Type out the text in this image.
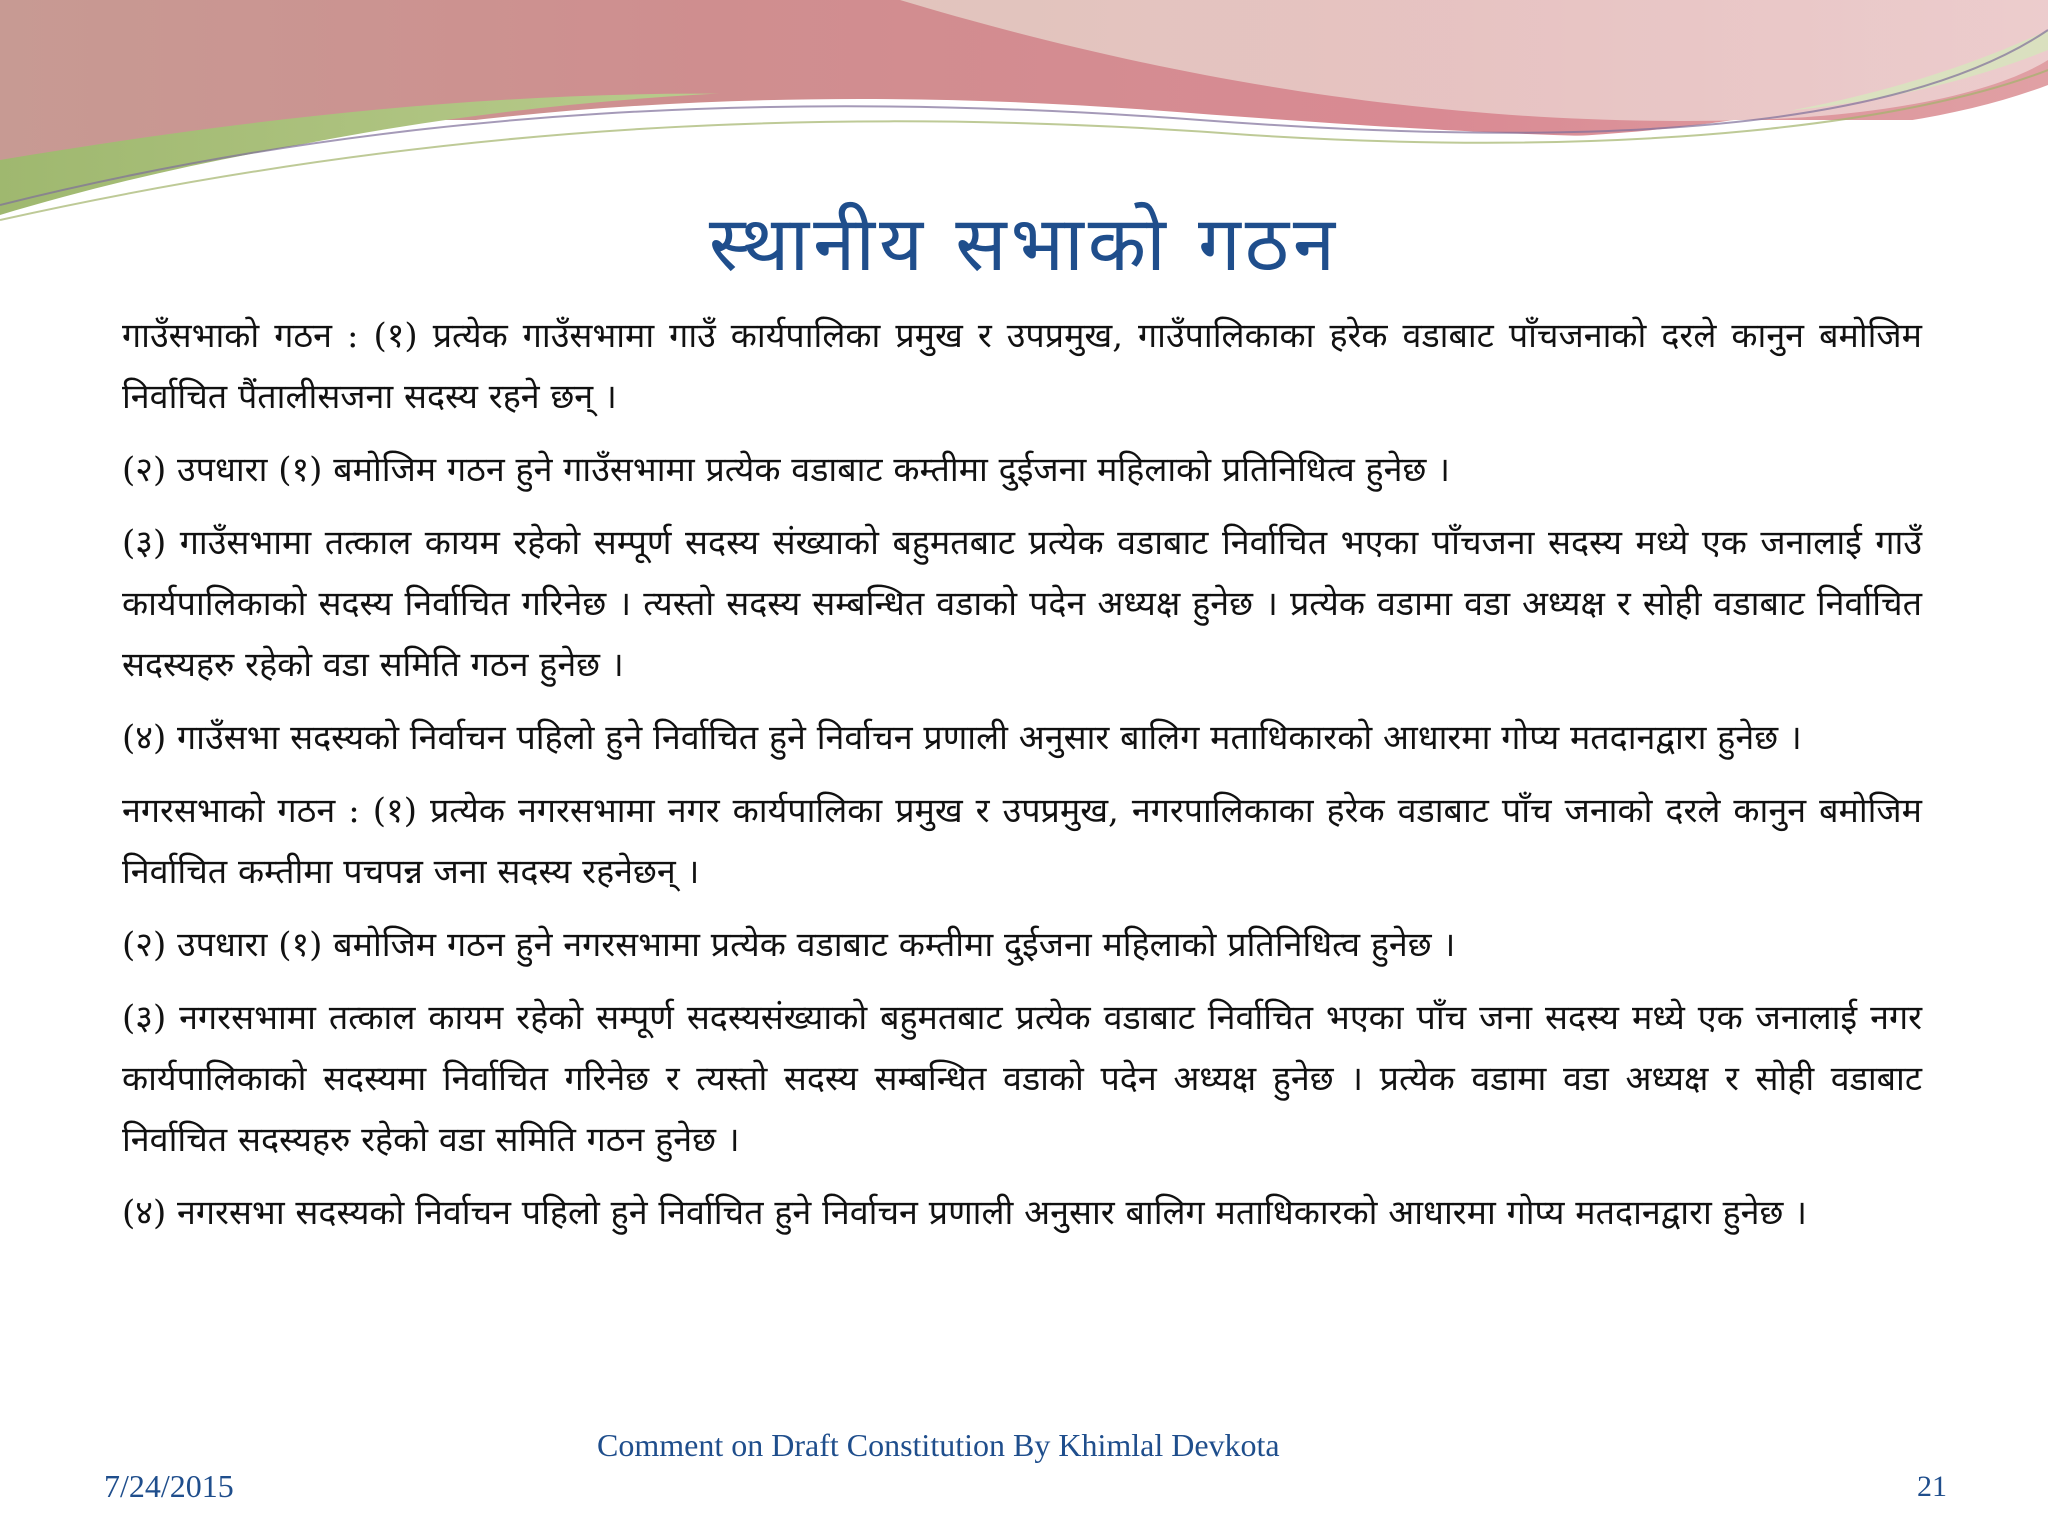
स्थानीय सभाको गठन

गाउँसभाको गठन : (१) प्रत्येक गाउँसभामा गाउँ कार्यपालिका प्रमुख र उपप्रमुख, गाउँपालिकाका हरेक वडाबाट पाँचजनाको दरले कानुन बमोजिम निर्वाचित पैंतालीसजना सदस्य रहने छन् ।

(२) उपधारा (१) बमोजिम गठन हुने गाउँसभामा प्रत्येक वडाबाट कम्तीमा दुईजना महिलाको प्रतिनिधित्व हुनेछ ।

(३) गाउँसभामा तत्काल कायम रहेको सम्पूर्ण सदस्य संख्याको बहुमतबाट प्रत्येक वडाबाट निर्वाचित भएका पाँचजना सदस्य मध्ये एक जनालाई गाउँ कार्यपालिकाको सदस्य निर्वाचित गरिनेछ । त्यस्तो सदस्य सम्बन्धित वडाको पदेन अध्यक्ष हुनेछ । प्रत्येक वडामा वडा अध्यक्ष र सोही वडाबाट निर्वाचित सदस्यहरु रहेको वडा समिति गठन हुनेछ ।

(४) गाउँसभा सदस्यको निर्वाचन पहिलो हुने निर्वाचित हुने निर्वाचन प्रणाली अनुसार बालिग मताधिकारको आधारमा गोप्य मतदानद्वारा हुनेछ ।

नगरसभाको गठन : (१) प्रत्येक नगरसभामा नगर कार्यपालिका प्रमुख र उपप्रमुख, नगरपालिकाका हरेक वडाबाट पाँच जनाको दरले कानुन बमोजिम निर्वाचित कम्तीमा पचपन्न जना सदस्य रहनेछन् ।

(२) उपधारा (१) बमोजिम गठन हुने नगरसभामा प्रत्येक वडाबाट कम्तीमा दुईजना महिलाको प्रतिनिधित्व हुनेछ ।

(३) नगरसभामा तत्काल कायम रहेको सम्पूर्ण सदस्यसंख्याको बहुमतबाट प्रत्येक वडाबाट निर्वाचित भएका पाँच जना सदस्य मध्ये एक जनालाई नगर कार्यपालिकाको सदस्यमा निर्वाचित गरिनेछ र त्यस्तो सदस्य सम्बन्धित वडाको पदेन अध्यक्ष हुनेछ । प्रत्येक वडामा वडा अध्यक्ष र सोही वडाबाट निर्वाचित सदस्यहरु रहेको वडा समिति गठन हुनेछ ।

(४) नगरसभा सदस्यको निर्वाचन पहिलो हुने निर्वाचित हुने निर्वाचन प्रणाली अनुसार बालिग मताधिकारको आधारमा गोप्य मतदानद्वारा हुनेछ ।

7/24/2015
Comment on Draft Constitution By Khimlal Devkota
21
